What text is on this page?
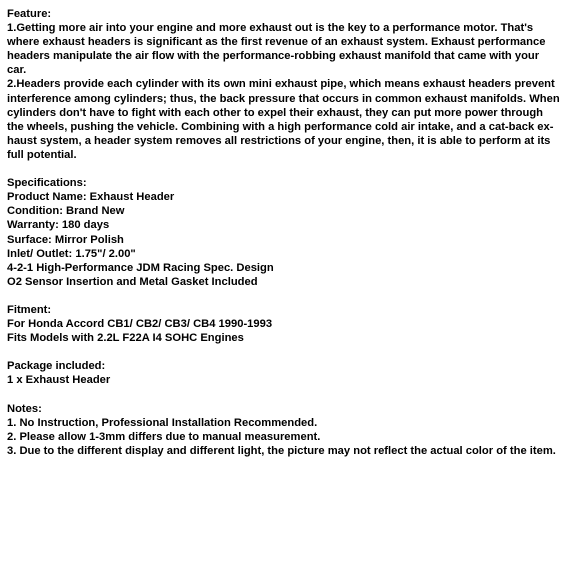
Feature:
1.Getting more air into your engine and more exhaust out is the key to a performance motor. That's
where exhaust headers is significant as the first revenue of an exhaust system. Exhaust performance
headers manipulate the air flow with the performance-robbing exhaust manifold that came with your
car.
2.Headers provide each cylinder with its own mini exhaust pipe, which means exhaust headers prevent
interference among cylinders; thus, the back pressure that occurs in common exhaust manifolds. When
cylinders don't have to fight with each other to expel their exhaust, they can put more power through
the wheels, pushing the vehicle. Combining with a high performance cold air intake, and a cat-back ex-
haust system, a header system removes all restrictions of your engine, then, it is able to perform at its
full potential.
Specifications:
Product Name: Exhaust Header
Condition: Brand New
Warranty: 180 days
Surface: Mirror Polish
Inlet/ Outlet: 1.75"/ 2.00"
4-2-1 High-Performance JDM Racing Spec. Design
O2 Sensor Insertion and Metal Gasket Included
Fitment:
For Honda Accord CB1/ CB2/ CB3/ CB4 1990-1993
Fits Models with 2.2L F22A I4 SOHC Engines
Package included:
1 x Exhaust Header
Notes:
1. No Instruction, Professional Installation Recommended.
2. Please allow 1-3mm differs due to manual measurement.
3. Due to the different display and different light, the picture may not reflect the actual color of the item.
